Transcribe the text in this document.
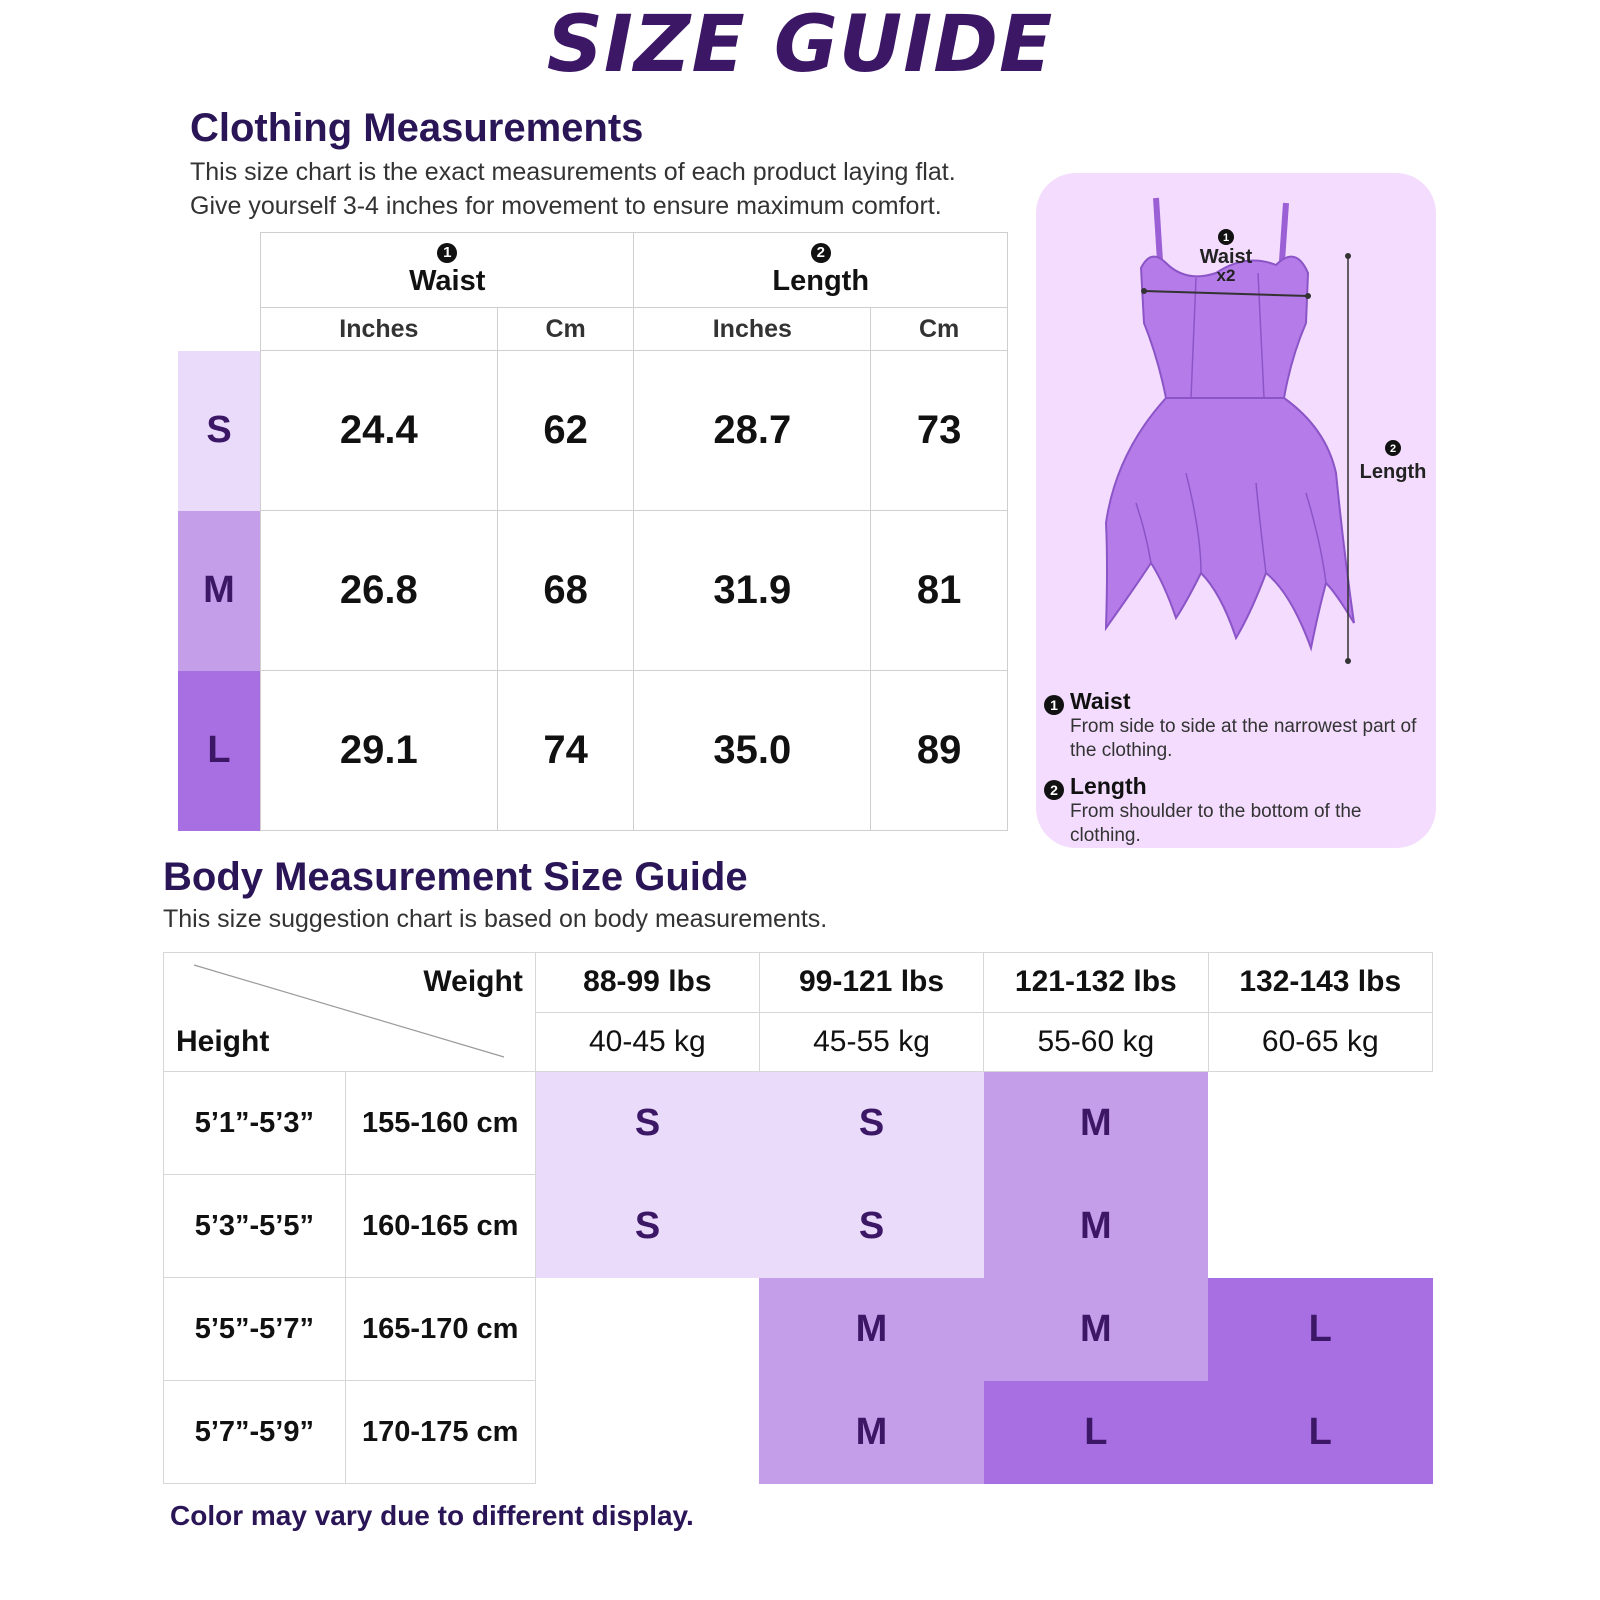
SIZE GUIDE
Clothing Measurements
This size chart is the exact measurements of each product laying flat.
Give yourself 3-4 inches for movement to ensure maximum comfort.

	1
Waist		2
Length	
	Inches	Cm	Inches	Cm
S	24.4	62	28.7	73
M	26.8	68	31.9	81
L	29.1	74	35.0	89
1
Waist
x2
2
Length
1 Waist
From side to side at the narrowest part of the clothing.
2 Length
From shoulder to the bottom of the clothing.
Body Measurement Size Guide
This size suggestion chart is based on body measurements.
Weight
Height		88-99 lbs	99-121 lbs	121-132 lbs	132-143 lbs
		40-45 kg	45-55 kg	55-60 kg	60-65 kg
5’1”-5’3”	155-160 cm	S	S	M	
5’3”-5’5”	160-165 cm	S	S	M	
5’5”-5’7”	165-170 cm		M	M	L
5’7”-5’9”	170-175 cm		M	L	L
Color may vary due to different display.
